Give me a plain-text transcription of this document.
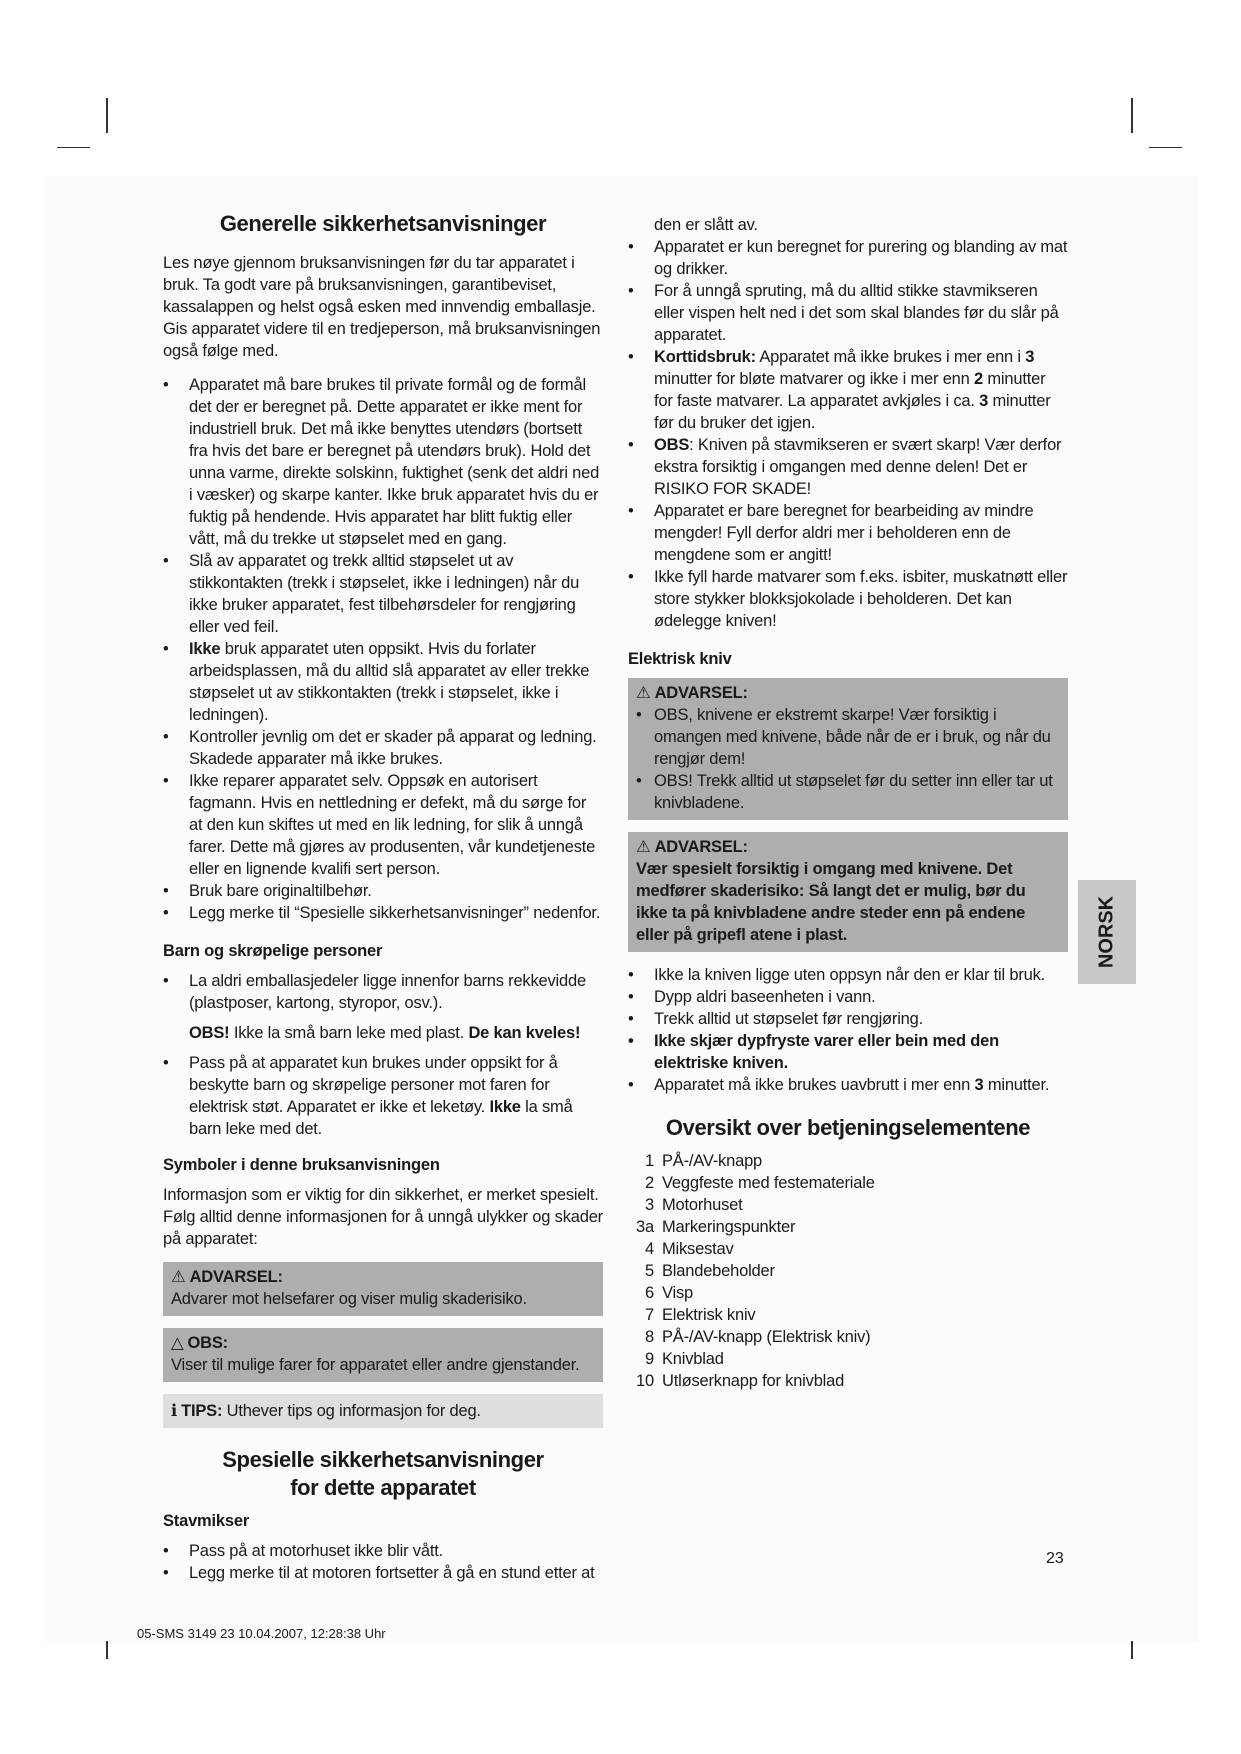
Generelle sikkerhetsanvisninger

Les nøye gjennom bruksanvisningen før du tar apparatet i bruk. Ta godt vare på bruksanvisningen, garantibeviset, kassalappen og helst også esken med innvendig emballasje. Gis apparatet videre til en tredjeperson, må bruksanvisningen også følge med.

• Apparatet må bare brukes til private formål og de formål det der er beregnet på. Dette apparatet er ikke ment for industriell bruk. Det må ikke benyttes utendørs (bortsett fra hvis det bare er beregnet på utendørs bruk). Hold det unna varme, direkte solskinn, fuktighet (senk det aldri ned i væsker) og skarpe kanter. Ikke bruk apparatet hvis du er fuktig på hendende. Hvis apparatet har blitt fuktig eller vått, må du trekke ut støpselet med en gang.
• Slå av apparatet og trekk alltid støpselet ut av stikkontakten (trekk i støpselet, ikke i ledningen) når du ikke bruker apparatet, fest tilbehørsdeler for rengjøring eller ved feil.
• Ikke bruk apparatet uten oppsikt. Hvis du forlater arbeidsplassen, må du alltid slå apparatet av eller trekke støpselet ut av stikkontakten (trekk i støpselet, ikke i ledningen).
• Kontroller jevnlig om det er skader på apparat og ledning. Skadede apparater må ikke brukes.
• Ikke reparer apparatet selv. Oppsøk en autorisert fagmann. Hvis en nettledning er defekt, må du sørge for at den kun skiftes ut med en lik ledning, for slik å unngå farer. Dette må gjøres av produsenten, vår kundetjeneste eller en lignende kvalifi sert person.
• Bruk bare originaltilbehør.
• Legg merke til “Spesielle sikkerhetsanvisninger” nedenfor.
Barn og skrøpelige personer
• La aldri emballasjedeler ligge innenfor barns rekkevidde (plastposer, kartong, styropor, osv.).

OBS! Ikke la små barn leke med plast. De kan kveles!

• Pass på at apparatet kun brukes under oppsikt for å beskytte barn og skrøpelige personer mot faren for elektrisk støt. Apparatet er ikke et leketøy. Ikke la små barn leke med det.
Symboler i denne bruksanvisningen

Informasjon som er viktig for din sikkerhet, er merket spesielt. Følg alltid denne informasjonen for å unngå ulykker og skader på apparatet:

⚠ ADVARSEL:
Advarer mot helsefarer og viser mulig skaderisiko.
△ OBS:
Viser til mulige farer for apparatet eller andre gjenstander.
ℹ TIPS: Uthever tips og informasjon for deg.
Spesielle sikkerhetsanvisninger
for dette apparatet
Stavmikser
• Pass på at motorhuset ikke blir vått.
• Legg merke til at motoren fortsetter å gå en stund etter at

den er slått av.

• Apparatet er kun beregnet for purering og blanding av mat og drikker.
• For å unngå spruting, må du alltid stikke stavmikseren eller vispen helt ned i det som skal blandes før du slår på apparatet.
• Korttidsbruk: Apparatet må ikke brukes i mer enn i 3 minutter for bløte matvarer og ikke i mer enn 2 minutter for faste matvarer. La apparatet avkjøles i ca. 3 minutter før du bruker det igjen.
• OBS: Kniven på stavmikseren er svært skarp! Vær derfor ekstra forsiktig i omgangen med denne delen! Det er RISIKO FOR SKADE!
• Apparatet er bare beregnet for bearbeiding av mindre mengder! Fyll derfor aldri mer i beholderen enn de mengdene som er angitt!
• Ikke fyll harde matvarer som f.eks. isbiter, muskatnøtt eller store stykker blokksjokolade i beholderen. Det kan ødelegge kniven!
Elektrisk kniv
⚠ ADVARSEL:
• OBS, knivene er ekstremt skarpe! Vær forsiktig i omangen med knivene, både når de er i bruk, og når du rengjør dem!
• OBS! Trekk alltid ut støpselet før du setter inn eller tar ut knivbladene.
⚠ ADVARSEL:
Vær spesielt forsiktig i omgang med knivene. Det medfører skaderisiko: Så langt det er mulig, bør du ikke ta på knivbladene andre steder enn på endene eller på gripefl atene i plast.
• Ikke la kniven ligge uten oppsyn når den er klar til bruk.
• Dypp aldri baseenheten i vann.
• Trekk alltid ut støpselet før rengjøring.
• Ikke skjær dypfryste varer eller bein med den elektriske kniven.
• Apparatet må ikke brukes uavbrutt i mer enn 3 minutter.
Oversikt over betjeningselementene
1 PÅ-/AV-knapp
2 Veggfeste med festemateriale
3 Motorhuset
3a Markeringspunkter
4 Miksestav
5 Blandebeholder
6 Visp
7 Elektrisk kniv
8 PÅ-/AV-knapp (Elektrisk kniv)
9 Knivblad
10 Utløserknapp for knivblad
NORSK
23
05-SMS 3149 23 10.04.2007, 12:28:38 Uhr
